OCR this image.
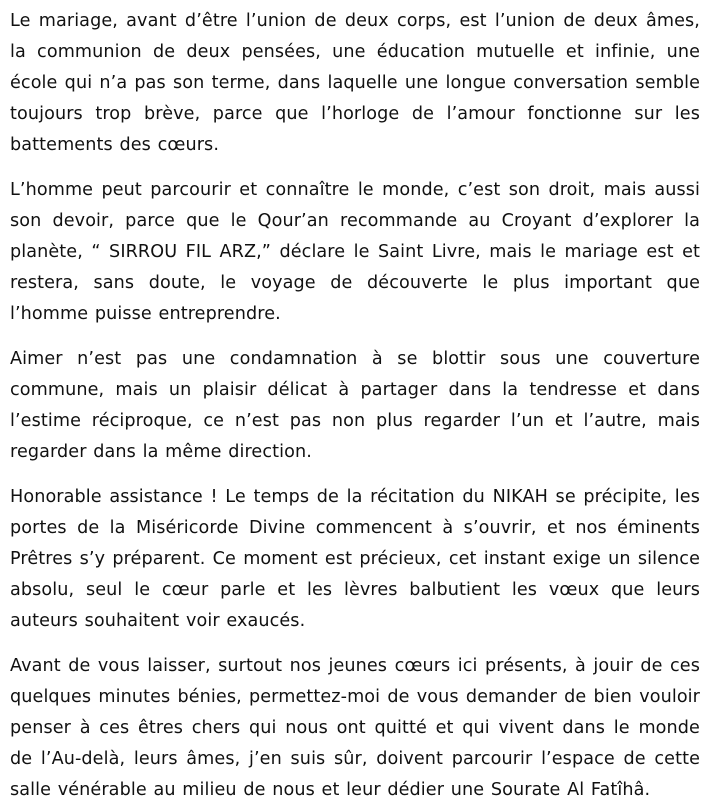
Le mariage, avant d’être l’union de deux corps, est l’union de deux âmes, la communion de deux pensées, une éducation mutuelle et infinie, une école qui n’a pas son terme, dans laquelle une longue conversation semble toujours trop brève, parce que l’horloge de l’amour fonctionne sur les battements des cœurs.

L’homme peut parcourir et connaître le monde, c’est son droit, mais aussi son devoir, parce que le Qour’an recommande au Croyant d’explorer la planète, “ SIRROU FIL ARZ,” déclare le Saint Livre, mais le mariage est et restera, sans doute, le voyage de découverte le plus important que l’homme puisse entreprendre.

Aimer n’est pas une condamnation à se blottir sous une couverture commune, mais un plaisir délicat à partager dans la tendresse et dans l’estime réciproque, ce n’est pas non plus regarder l’un et l’autre, mais regarder dans la même direction.

Honorable assistance ! Le temps de la récitation du NIKAH se précipite, les portes de la Miséricorde Divine commencent à s’ouvrir, et nos éminents Prêtres s’y préparent. Ce moment est précieux, cet instant exige un silence absolu, seul le cœur parle et les lèvres balbutient les vœux que leurs auteurs souhaitent voir exaucés.

Avant de vous laisser, surtout nos jeunes cœurs ici présents, à jouir de ces quelques minutes bénies, permettez-moi de vous demander de bien vouloir penser à ces êtres chers qui nous ont quitté et qui vivent dans le monde de l’Au-delà, leurs âmes, j’en suis sûr, doivent parcourir l’espace de cette salle vénérable au milieu de nous et leur dédier une Sourate Al Fatîhâ.
